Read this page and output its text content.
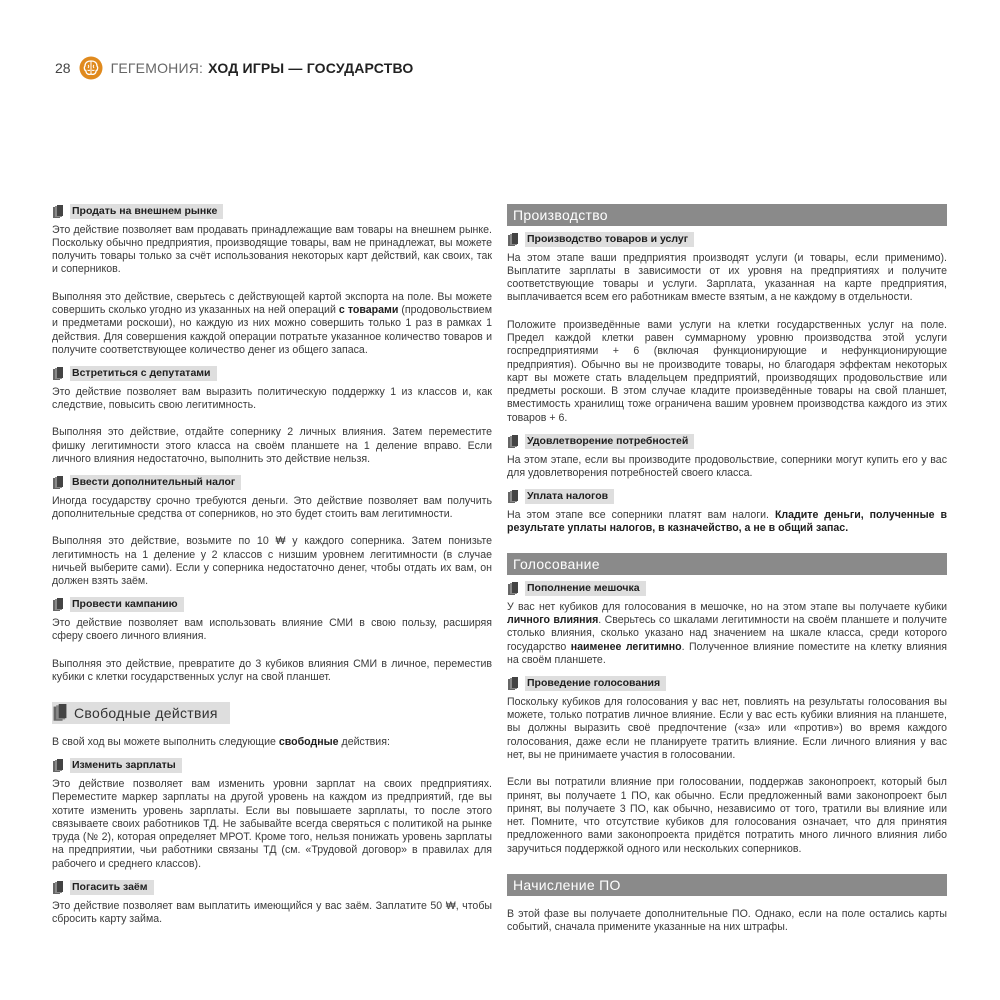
28	ГЕГЕМОНИЯ: ХОД ИГРЫ — ГОСУДАРСТВО
Продать на внешнем рынке

Это действие позволяет вам продавать принадлежащие вам товары на внешнем рынке. Поскольку обычно предприятия, производящие товары, вам не принадлежат, вы можете получить товары только за счёт использования некоторых карт действий, как своих, так и соперников.

Выполняя это действие, сверьтесь с действующей картой экспорта на поле. Вы можете совершить сколько угодно из указанных на ней операций с товарами (продовольствием и предметами роскоши), но каждую из них можно совершить только 1 раз в рамках 1 действия. Для совершения каждой операции потратьте указанное количество товаров и получите соответствующее количество денег из общего запаса.

Встретиться с депутатами

Это действие позволяет вам выразить политическую поддержку 1 из классов и, как следствие, повысить свою легитимность.

Выполняя это действие, отдайте сопернику 2 личных влияния. Затем переместите фишку легитимности этого класса на своём планшете на 1 деление вправо. Если личного влияния недостаточно, выполнить это действие нельзя.

Ввести дополнительный налог

Иногда государству срочно требуются деньги. Это действие позволяет вам получить дополнительные средства от соперников, но это будет стоить вам легитимности.

Выполняя это действие, возьмите по 10 ₩ у каждого соперника. Затем понизьте легитимность на 1 деление у 2 классов с низшим уровнем легитимности (в случае ничьей выберите сами). Если у соперника недостаточно денег, чтобы отдать их вам, он должен взять заём.

Провести кампанию

Это действие позволяет вам использовать влияние СМИ в свою пользу, расширяя сферу своего личного влияния.

Выполняя это действие, превратите до 3 кубиков влияния СМИ в личное, переместив кубики с клетки государственных услуг на свой планшет.

Свободные действия

В свой ход вы можете выполнить следующие свободные действия:

Изменить зарплаты

Это действие позволяет вам изменить уровни зарплат на своих предприятиях. Переместите маркер зарплаты на другой уровень на каждом из предприятий, где вы хотите изменить уровень зарплаты. Если вы повышаете зарплаты, то после этого связываете своих работников ТД. Не забывайте всегда сверяться с политикой на рынке труда (№ 2), которая определяет МРОТ. Кроме того, нельзя понижать уровень зарплаты на предприятии, чьи работники связаны ТД (см. «Трудовой договор» в правилах для рабочего и среднего классов).

Погасить заём

Это действие позволяет вам выплатить имеющийся у вас заём. Заплатите 50 ₩, чтобы сбросить карту займа.

Производство
Производство товаров и услуг

На этом этапе ваши предприятия производят услуги (и товары, если применимо). Выплатите зарплаты в зависимости от их уровня на предприятиях и получите соответствующие товары и услуги. Зарплата, указанная на карте предприятия, выплачивается всем его работникам вместе взятым, а не каждому в отдельности.

Положите произведённые вами услуги на клетки государственных услуг на поле. Предел каждой клетки равен суммарному уровню производства этой услуги госпредприятиями + 6 (включая функционирующие и нефункционирующие предприятия). Обычно вы не производите товары, но благодаря эффектам некоторых карт вы можете стать владельцем предприятий, производящих продовольствие или предметы роскоши. В этом случае кладите произведённые товары на свой планшет, вместимость хранилищ тоже ограничена вашим уровнем производства каждого из этих товаров + 6.

Удовлетворение потребностей

На этом этапе, если вы производите продовольствие, соперники могут купить его у вас для удовлетворения потребностей своего класса.

Уплата налогов

На этом этапе все соперники платят вам налоги. Кладите деньги, полученные в результате уплаты налогов, в казначейство, а не в общий запас.

Голосование
Пополнение мешочка

У вас нет кубиков для голосования в мешочке, но на этом этапе вы получаете кубики личного влияния. Сверьтесь со шкалами легитимности на своём планшете и получите столько влияния, сколько указано над значением на шкале класса, среди которого государство наименее легитимно. Полученное влияние поместите на клетку влияния на своём планшете.

Проведение голосования

Поскольку кубиков для голосования у вас нет, повлиять на результаты голосования вы можете, только потратив личное влияние. Если у вас есть кубики влияния на планшете, вы должны выразить своё предпочтение («за» или «против») во время каждого голосования, даже если не планируете тратить влияние. Если личного влияния у вас нет, вы не принимаете участия в голосовании.

Если вы потратили влияние при голосовании, поддержав законопроект, который был принят, вы получаете 1 ПО, как обычно. Если предложенный вами законопроект был принят, вы получаете 3 ПО, как обычно, независимо от того, тратили вы влияние или нет. Помните, что отсутствие кубиков для голосования означает, что для принятия предложенного вами законопроекта придётся потратить много личного влияния либо заручиться поддержкой одного или нескольких соперников.

Начисление ПО

В этой фазе вы получаете дополнительные ПО. Однако, если на поле остались карты событий, сначала примените указанные на них штрафы.
